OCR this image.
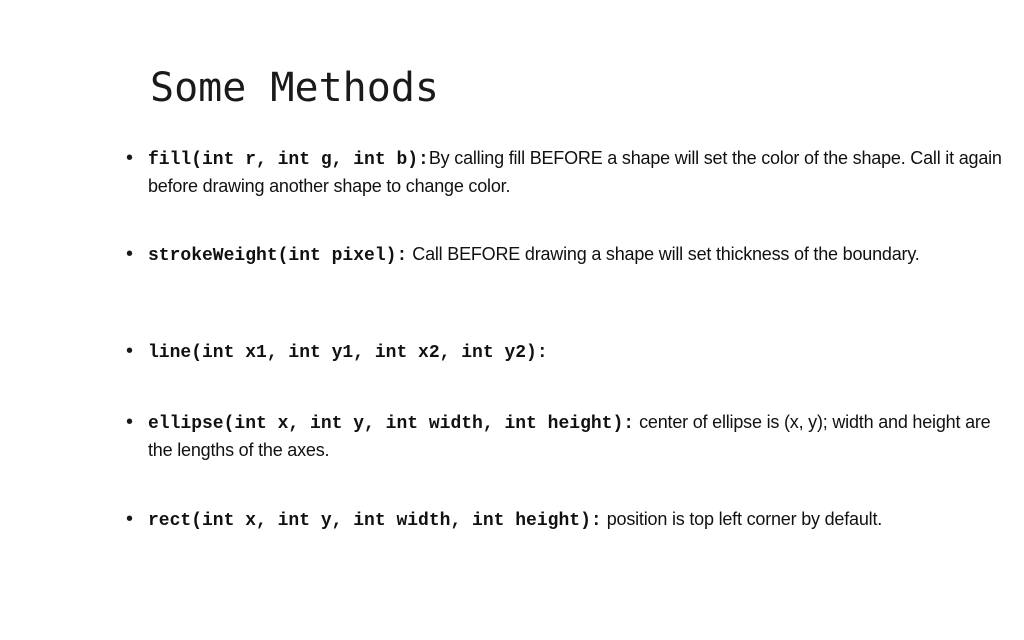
Some Methods
• fill(int r, int g, int b):By calling fill BEFORE a shape will set the color of the shape. Call it again before drawing another shape to change color.
• strokeWeight(int pixel): Call BEFORE drawing a shape will set thickness of the boundary.
• line(int x1, int y1, int x2, int y2):
• ellipse(int x, int y, int width, int height): center of ellipse is (x, y); width and height are the lengths of the axes.
• rect(int x, int y, int width, int height): position is top left corner by default.
